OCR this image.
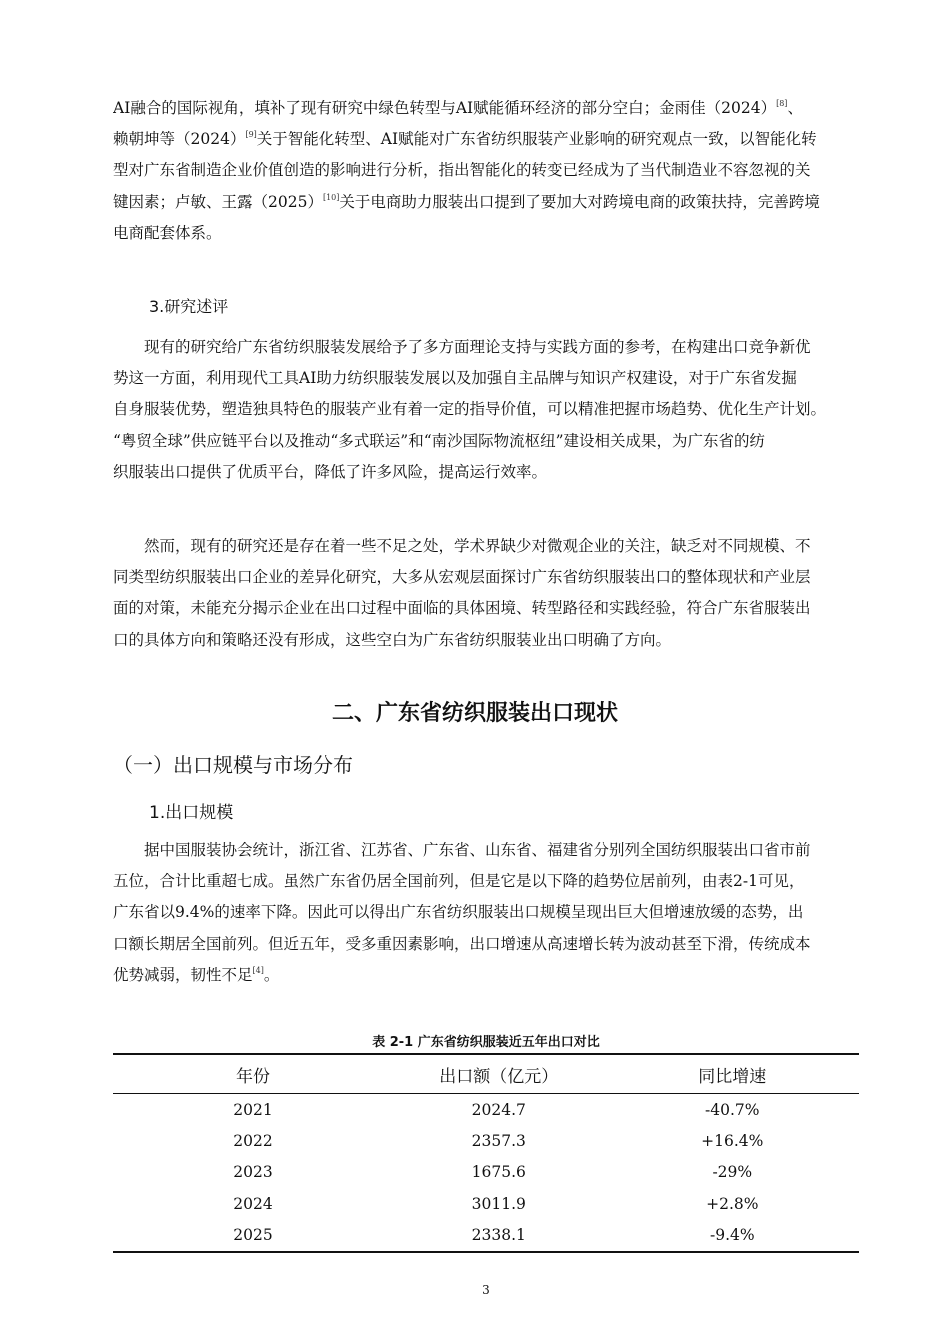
AI融合的国际视角，填补了现有研究中绿色转型与AI赋能循环经济的部分空白；金雨佳（2024）[8]、
赖朝坤等（2024）[9]关于智能化转型、AI赋能对广东省纺织服装产业影响的研究观点一致，以智能化转
型对广东省制造企业价值创造的影响进行分析，指出智能化的转变已经成为了当代制造业不容忽视的关
键因素；卢敏、王露（2025）[10]关于电商助力服装出口提到了要加大对跨境电商的政策扶持，完善跨境
电商配套体系。
3.研究述评
现有的研究给广东省纺织服装发展给予了多方面理论支持与实践方面的参考，在构建出口竞争新优
势这一方面，利用现代工具AI助力纺织服装发展以及加强自主品牌与知识产权建设，对于广东省发掘
自身服装优势，塑造独具特色的服装产业有着一定的指导价值，可以精准把握市场趋势、优化生产计划。
“粤贸全球”供应链平台以及推动“多式联运”和“南沙国际物流枢纽”建设相关成果，为广东省的纺
织服装出口提供了优质平台，降低了许多风险，提高运行效率。
然而，现有的研究还是存在着一些不足之处，学术界缺少对微观企业的关注，缺乏对不同规模、不
同类型纺织服装出口企业的差异化研究，大多从宏观层面探讨广东省纺织服装出口的整体现状和产业层
面的对策，未能充分揭示企业在出口过程中面临的具体困境、转型路径和实践经验，符合广东省服装出
口的具体方向和策略还没有形成，这些空白为广东省纺织服装业出口明确了方向。
二、广东省纺织服装出口现状
（一）出口规模与市场分布
1.出口规模
据中国服装协会统计，浙江省、江苏省、广东省、山东省、福建省分别列全国纺织服装出口省市前
五位，合计比重超七成。虽然广东省仍居全国前列，但是它是以下降的趋势位居前列，由表2-1可见，
广东省以9.4%的速率下降。因此可以得出广东省纺织服装出口规模呈现出巨大但增速放缓的态势，出
口额长期居全国前列。但近五年，受多重因素影响，出口增速从高速增长转为波动甚至下滑，传统成本
优势减弱，韧性不足[4]。
表 2-1 广东省纺织服装近五年出口对比
年份	出口额（亿元）	同比增速
2021	2024.7	-40.7%
2022	2357.3	+16.4%
2023	1675.6	-29%
2024	3011.9	+2.8%
2025	2338.1	-9.4%
3
